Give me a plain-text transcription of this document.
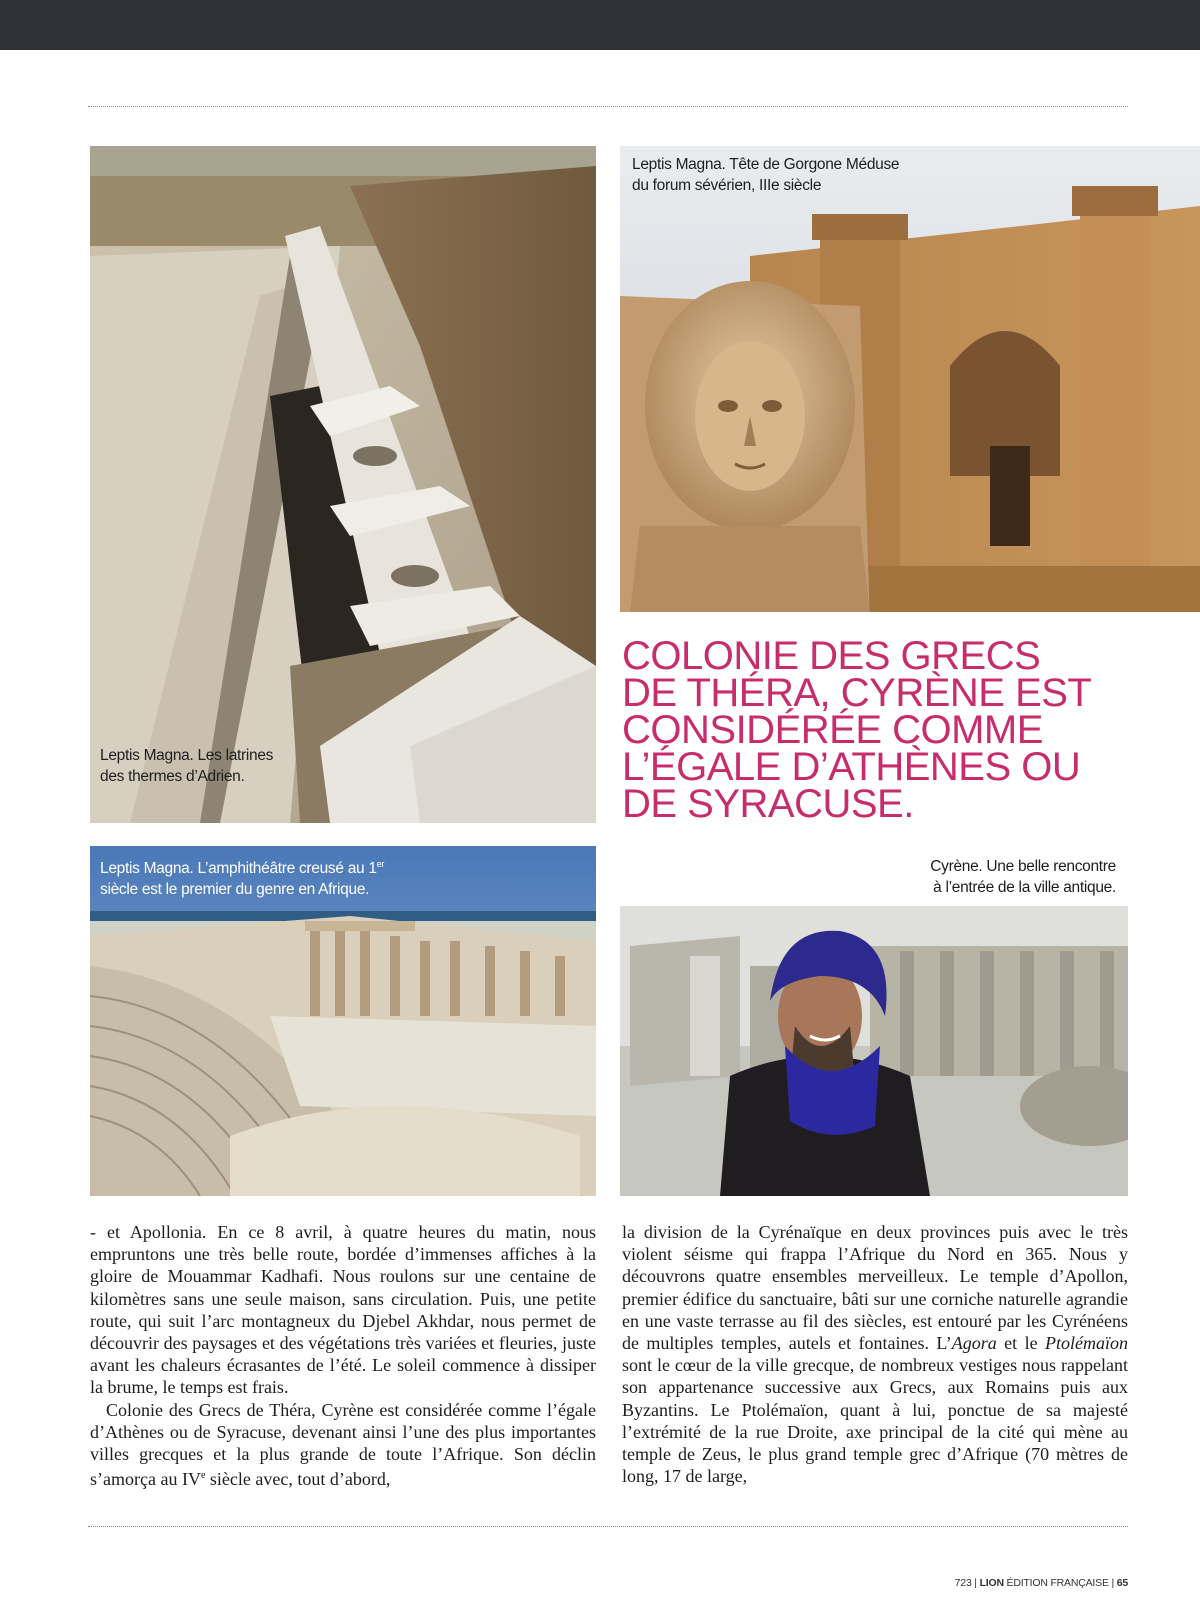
Leptis Magna. Les latrines
des thermes d’Adrien.
Leptis Magna. Tête de Gorgone Méduse
du forum sévérien, IIIe siècle
COLONIE DES GRECS
DE THÉRA, CYRÈNE EST
CONSIDÉRÉE COMME
L’ÉGALE D’ATHÈNES OU
DE SYRACUSE.
Leptis Magna. L’amphithéâtre creusé au 1er
siècle est le premier du genre en Afrique.
Cyrène. Une belle rencontre
à l’entrée de la ville antique.

- et Apollonia. En ce 8 avril, à quatre heures du matin, nous empruntons une très belle route, bordée d’immenses affiches à la gloire de Mouammar Kadhafi. Nous roulons sur une centaine de kilomètres sans une seule maison, sans circulation. Puis, une petite route, qui suit l’arc montagneux du Djebel Akhdar, nous permet de découvrir des paysages et des végétations très variées et fleuries, juste avant les chaleurs écrasantes de l’été. Le soleil commence à dissiper la brume, le temps est frais.

Colonie des Grecs de Théra, Cyrène est considérée comme l’égale d’Athènes ou de Syracuse, devenant ainsi l’une des plus importantes villes grecques et la plus grande de toute l’Afrique. Son déclin s’amorça au IVe siècle avec, tout d’abord,

la division de la Cyrénaïque en deux provinces puis avec le très violent séisme qui frappa l’Afrique du Nord en 365. Nous y découvrons quatre ensembles merveilleux. Le temple d’Apollon, premier édifice du sanctuaire, bâti sur une corniche naturelle agrandie en une vaste terrasse au fil des siècles, est entouré par les Cyrénéens de multiples temples, autels et fontaines. L’Agora et le Ptolémaïon sont le cœur de la ville grecque, de nombreux vestiges nous rappelant son appartenance successive aux Grecs, aux Romains puis aux Byzantins. Le Ptolémaïon, quant à lui, ponctue de sa majesté l’extrémité de la rue Droite, axe principal de la cité qui mène au temple de Zeus, le plus grand temple grec d’Afrique (70 mètres de long, 17 de large,

723 | LION ÉDITION FRANÇAISE | 65
